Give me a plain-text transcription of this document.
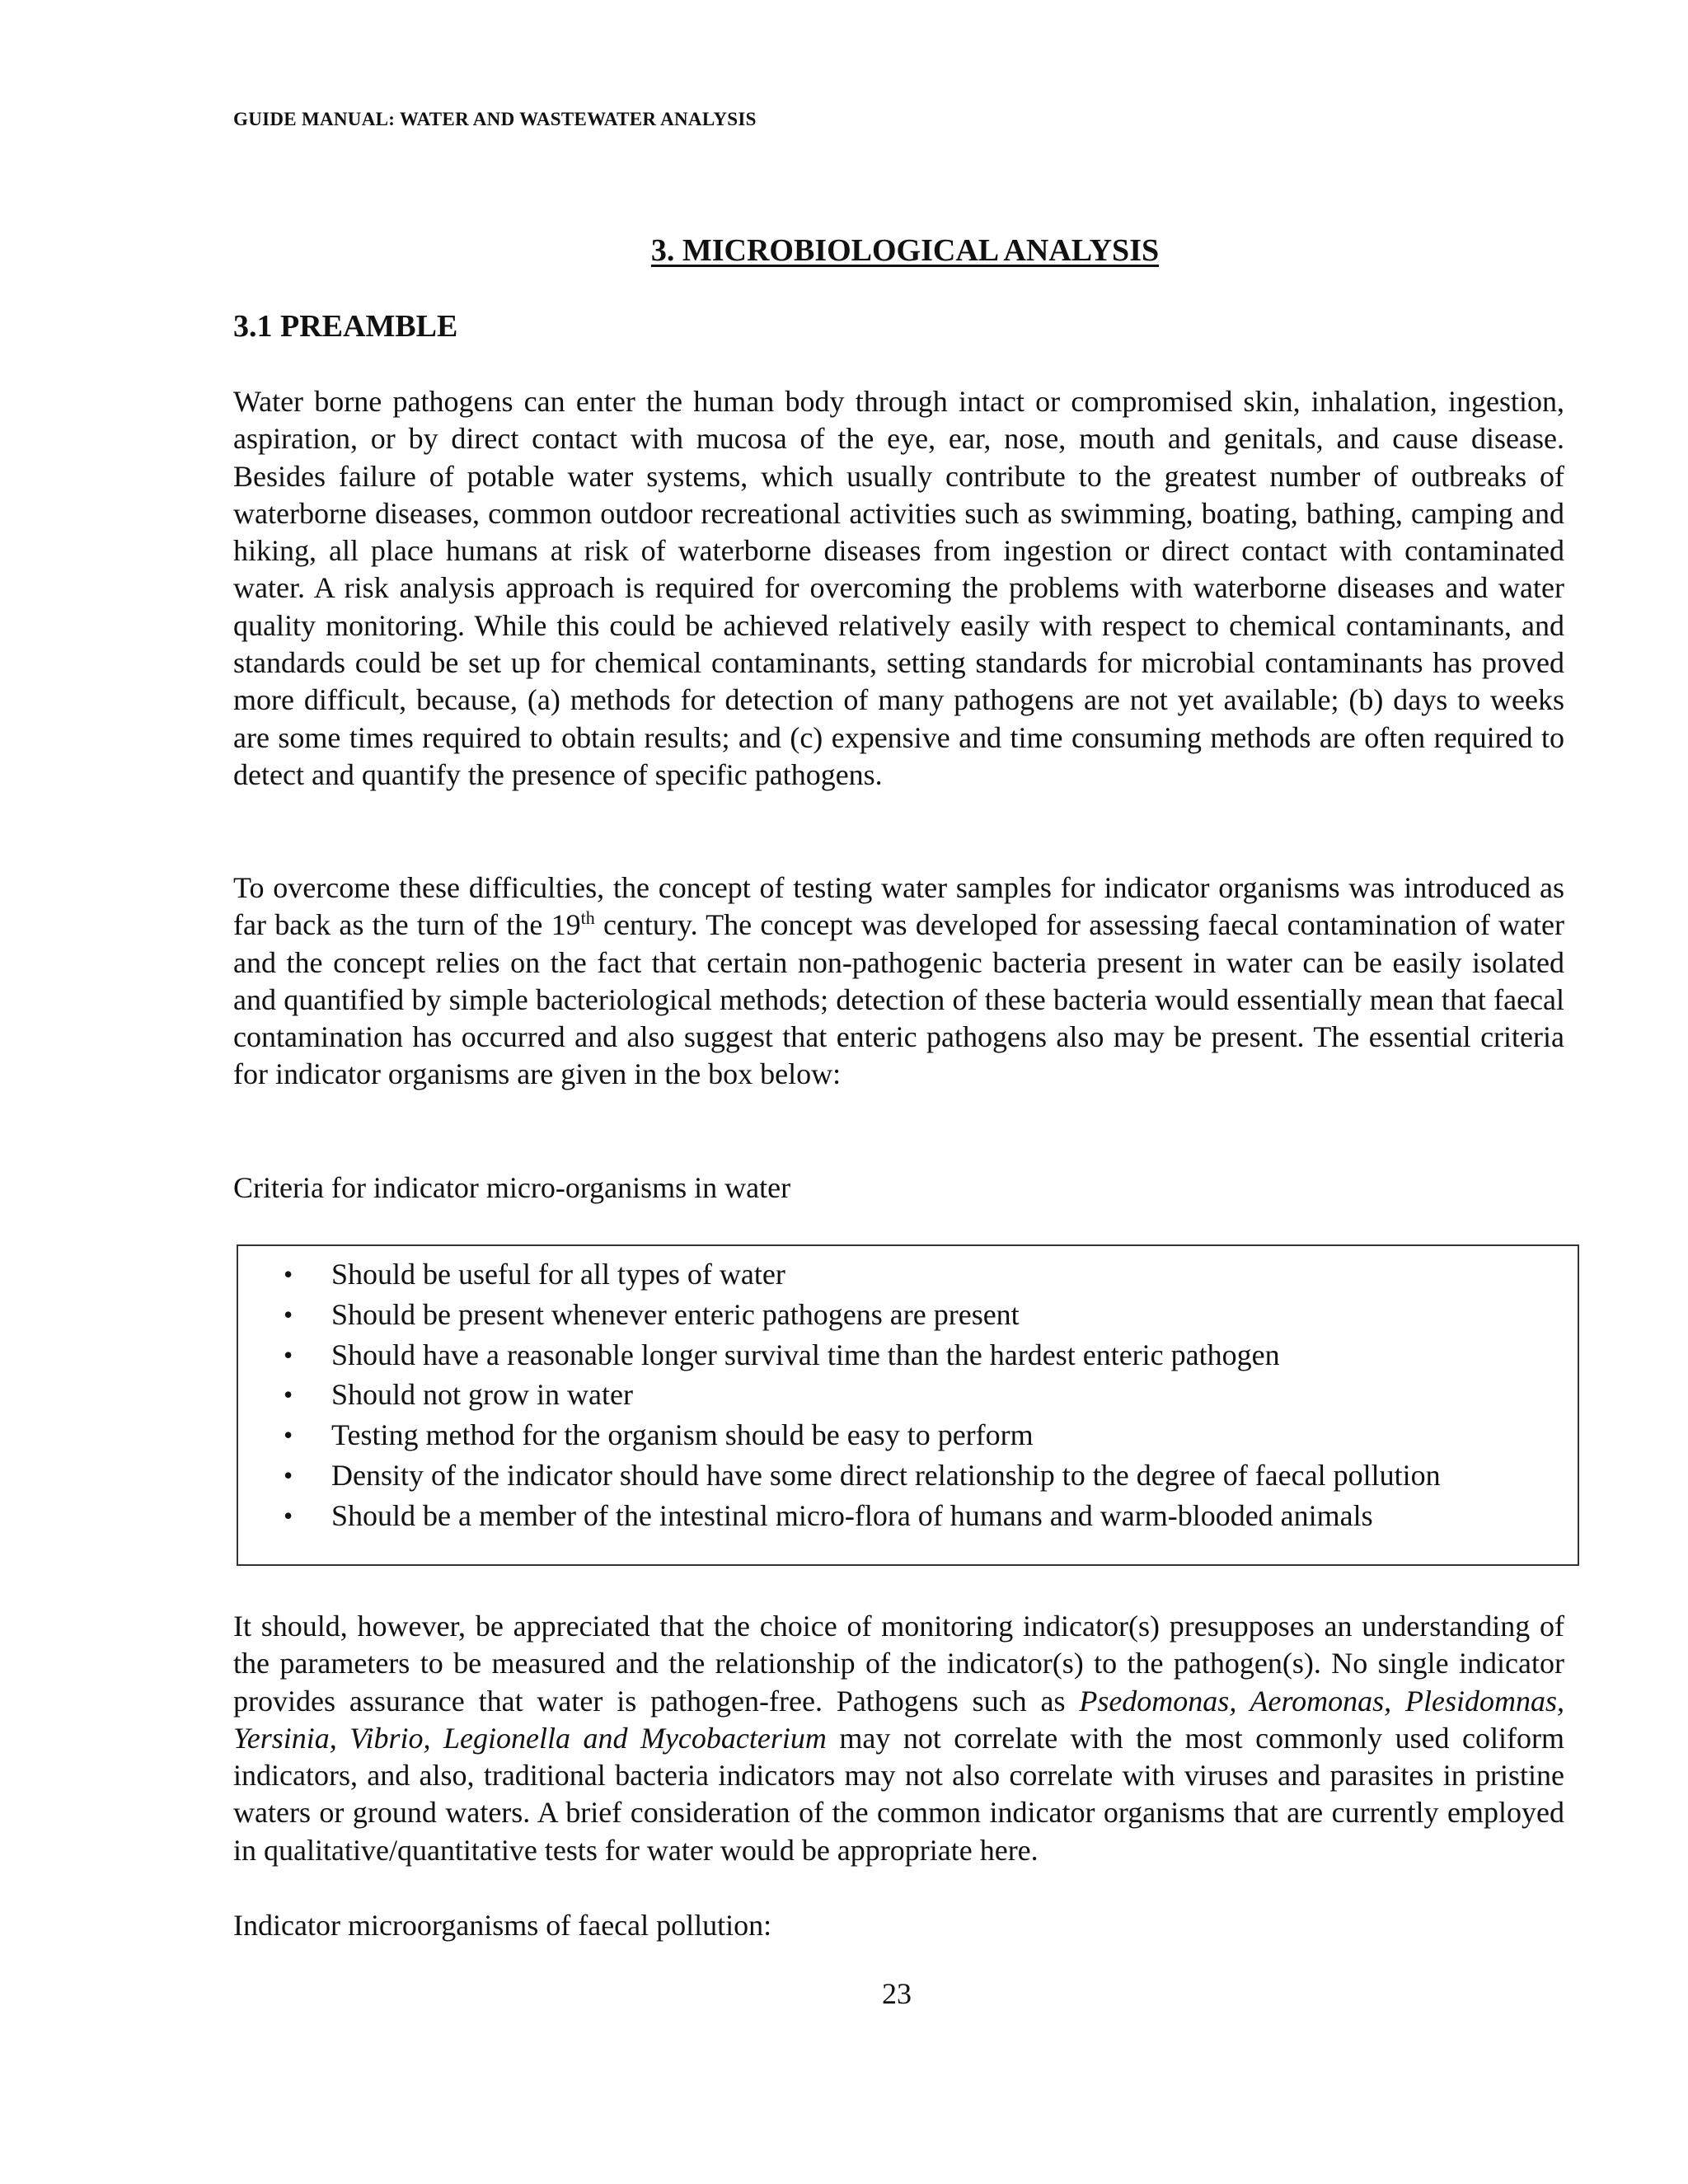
GUIDE MANUAL: WATER AND WASTEWATER ANALYSIS
3. MICROBIOLOGICAL ANALYSIS
3.1 PREAMBLE

Water borne pathogens can enter the human body through intact or compromised skin, inhalation, ingestion, aspiration, or by direct contact with mucosa of the eye, ear, nose, mouth and genitals, and cause disease. Besides failure of potable water systems, which usually contribute to the greatest number of outbreaks of waterborne diseases, common outdoor recreational activities such as swimming, boating, bathing, camping and hiking, all place humans at risk of waterborne diseases from ingestion or direct contact with contaminated water. A risk analysis approach is required for overcoming the problems with waterborne diseases and water quality monitoring. While this could be achieved relatively easily with respect to chemical contaminants, and standards could be set up for chemical contaminants, setting standards for microbial contaminants has proved more difficult, because, (a) methods for detection of many pathogens are not yet available; (b) days to weeks are some times required to obtain results; and (c) expensive and time consuming methods are often required to detect and quantify the presence of specific pathogens.

To overcome these difficulties, the concept of testing water samples for indicator organisms was introduced as far back as the turn of the 19th century. The concept was developed for assessing faecal contamination of water and the concept relies on the fact that certain non-pathogenic bacteria present in water can be easily isolated and quantified by simple bacteriological methods; detection of these bacteria would essentially mean that faecal contamination has occurred and also suggest that enteric pathogens also may be present. The essential criteria for indicator organisms are given in the box below:

Criteria for indicator micro-organisms in water
• Should be useful for all types of water
• Should be present whenever enteric pathogens are present
• Should have a reasonable longer survival time than the hardest enteric pathogen
• Should not grow in water
• Testing method for the organism should be easy to perform
• Density of the indicator should have some direct relationship to the degree of faecal pollution
• Should be a member of the intestinal micro-flora of humans and warm-blooded animals

It should, however, be appreciated that the choice of monitoring indicator(s) presupposes an understanding of the parameters to be measured and the relationship of the indicator(s) to the pathogen(s). No single indicator provides assurance that water is pathogen-free. Pathogens such as Psedomonas, Aeromonas, Plesidomnas, Yersinia, Vibrio, Legionella and Mycobacterium may not correlate with the most commonly used coliform indicators, and also, traditional bacteria indicators may not also correlate with viruses and parasites in pristine waters or ground waters. A brief consideration of the common indicator organisms that are currently employed in qualitative/quantitative tests for water would be appropriate here.

Indicator microorganisms of faecal pollution:
23
